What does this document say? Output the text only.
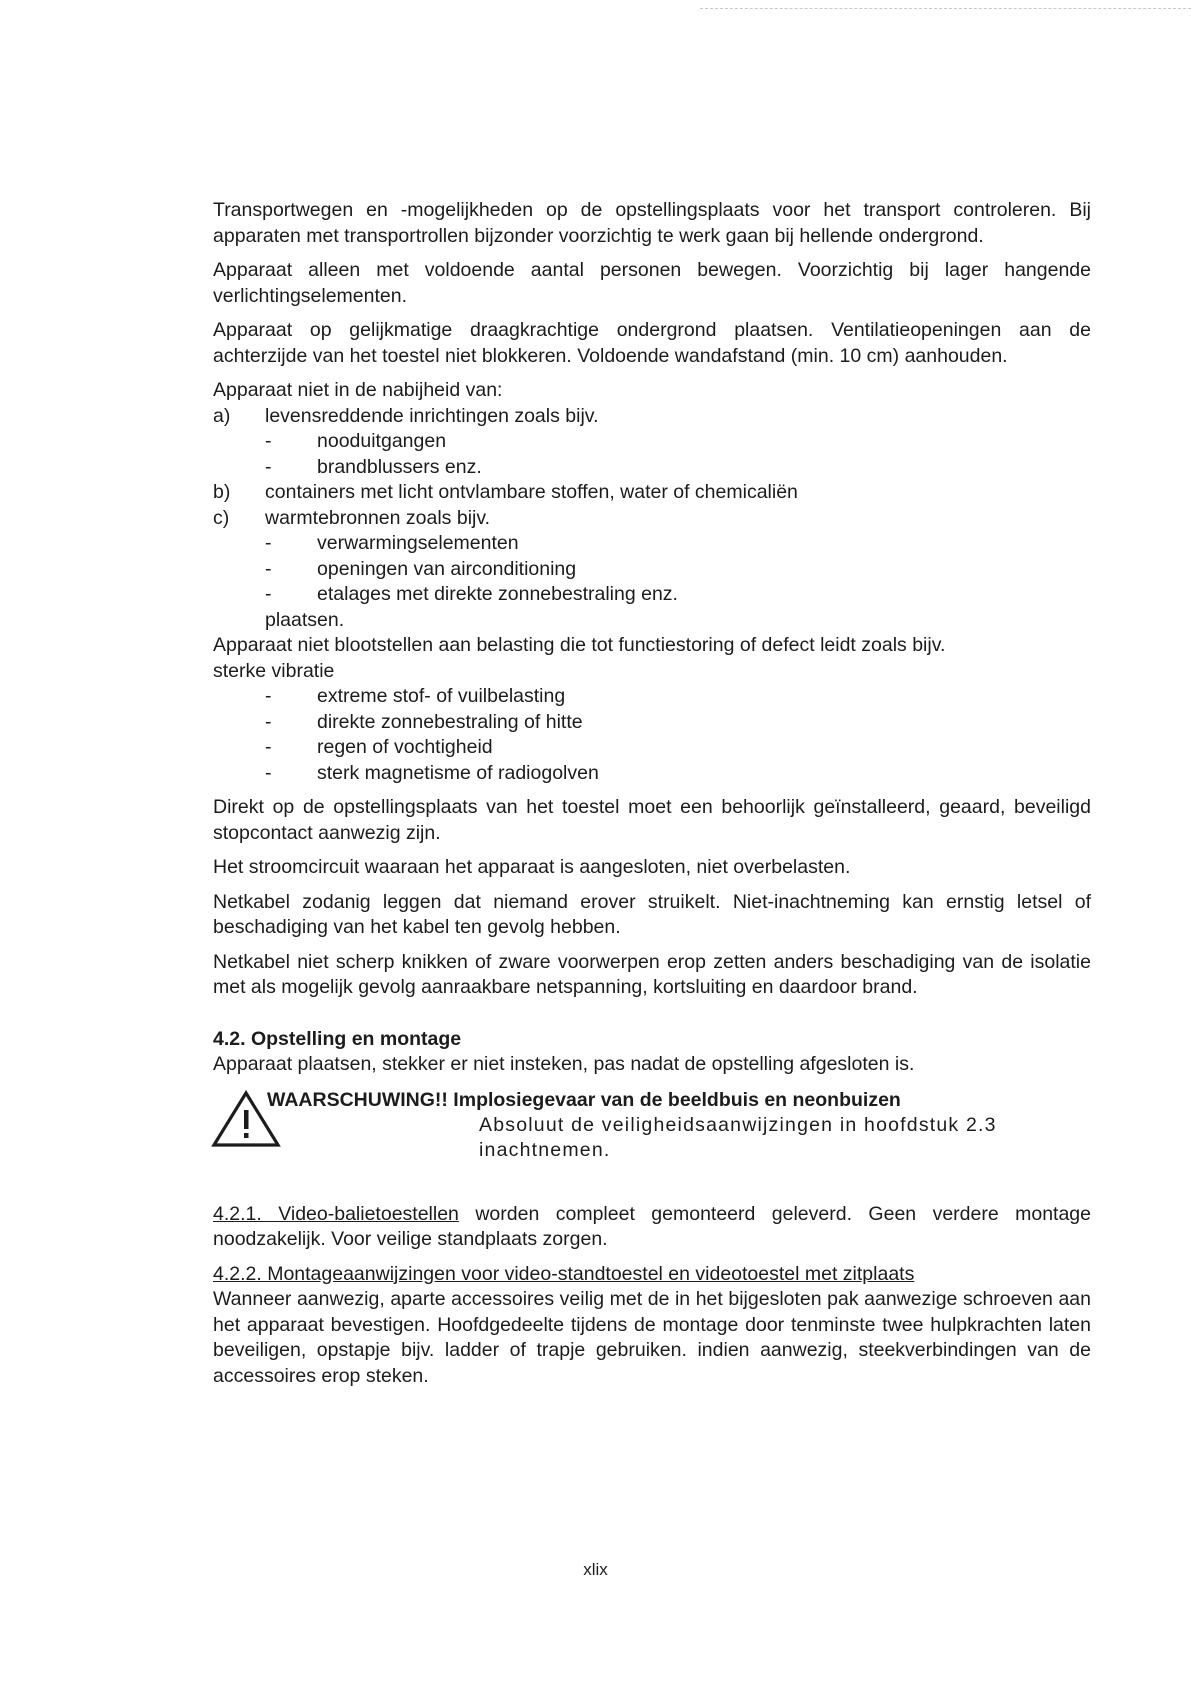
Transportwegen en -mogelijkheden op de opstellingsplaats voor het transport controleren. Bij apparaten met transportrollen bijzonder voorzichtig te werk gaan bij hellende ondergrond.

Apparaat alleen met voldoende aantal personen bewegen. Voorzichtig bij lager hangende verlichtingselementen.

Apparaat op gelijkmatige draagkrachtige ondergrond plaatsen. Ventilatieopeningen aan de achterzijde van het toestel niet blokkeren. Voldoende wandafstand (min. 10 cm) aanhouden.

Apparaat niet in de nabijheid van:

a)	levensreddende inrichtingen zoals bijv.
-	nooduitgangen
-	brandblussers enz.
b)	containers met licht ontvlambare stoffen, water of chemicaliën
c)	warmtebronnen zoals bijv.
-	verwarmingselementen
-	openingen van airconditioning
-	etalages met direkte zonnebestraling enz.

plaatsen.

Apparaat niet blootstellen aan belasting die tot functiestoring of defect leidt zoals bijv.

sterke vibratie

-	extreme stof- of vuilbelasting
-	direkte zonnebestraling of hitte
-	regen of vochtigheid
-	sterk magnetisme of radiogolven

Direkt op de opstellingsplaats van het toestel moet een behoorlijk geïnstalleerd, geaard, beveiligd stopcontact aanwezig zijn.

Het stroomcircuit waaraan het apparaat is aangesloten, niet overbelasten.

Netkabel zodanig leggen dat niemand erover struikelt. Niet-inachtneming kan ernstig letsel of beschadiging van het kabel ten gevolg hebben.

Netkabel niet scherp knikken of zware voorwerpen erop zetten anders beschadiging van de isolatie met als mogelijk gevolg aanraakbare netspanning, kortsluiting en daardoor brand.

4.2. Opstelling en montage

Apparaat plaatsen, stekker er niet insteken, pas nadat de opstelling afgesloten is.

WAARSCHUWING!! Implosiegevaar van de beeldbuis en neonbuizen

Absoluut de veiligheidsaanwijzingen in hoofdstuk 2.3 inachtnemen.

4.2.1. Video-balietoestellen worden compleet gemonteerd geleverd. Geen verdere montage noodzakelijk. Voor veilige standplaats zorgen.

4.2.2. Montageaanwijzingen voor video-standtoestel en videotoestel met zitplaats

Wanneer aanwezig, aparte accessoires veilig met de in het bijgesloten pak aanwezige schroeven aan het apparaat bevestigen. Hoofdgedeelte tijdens de montage door tenminste twee hulpkrachten laten beveiligen, opstapje bijv. ladder of trapje gebruiken. indien aanwezig, steekverbindingen van de accessoires erop steken.

xlix
